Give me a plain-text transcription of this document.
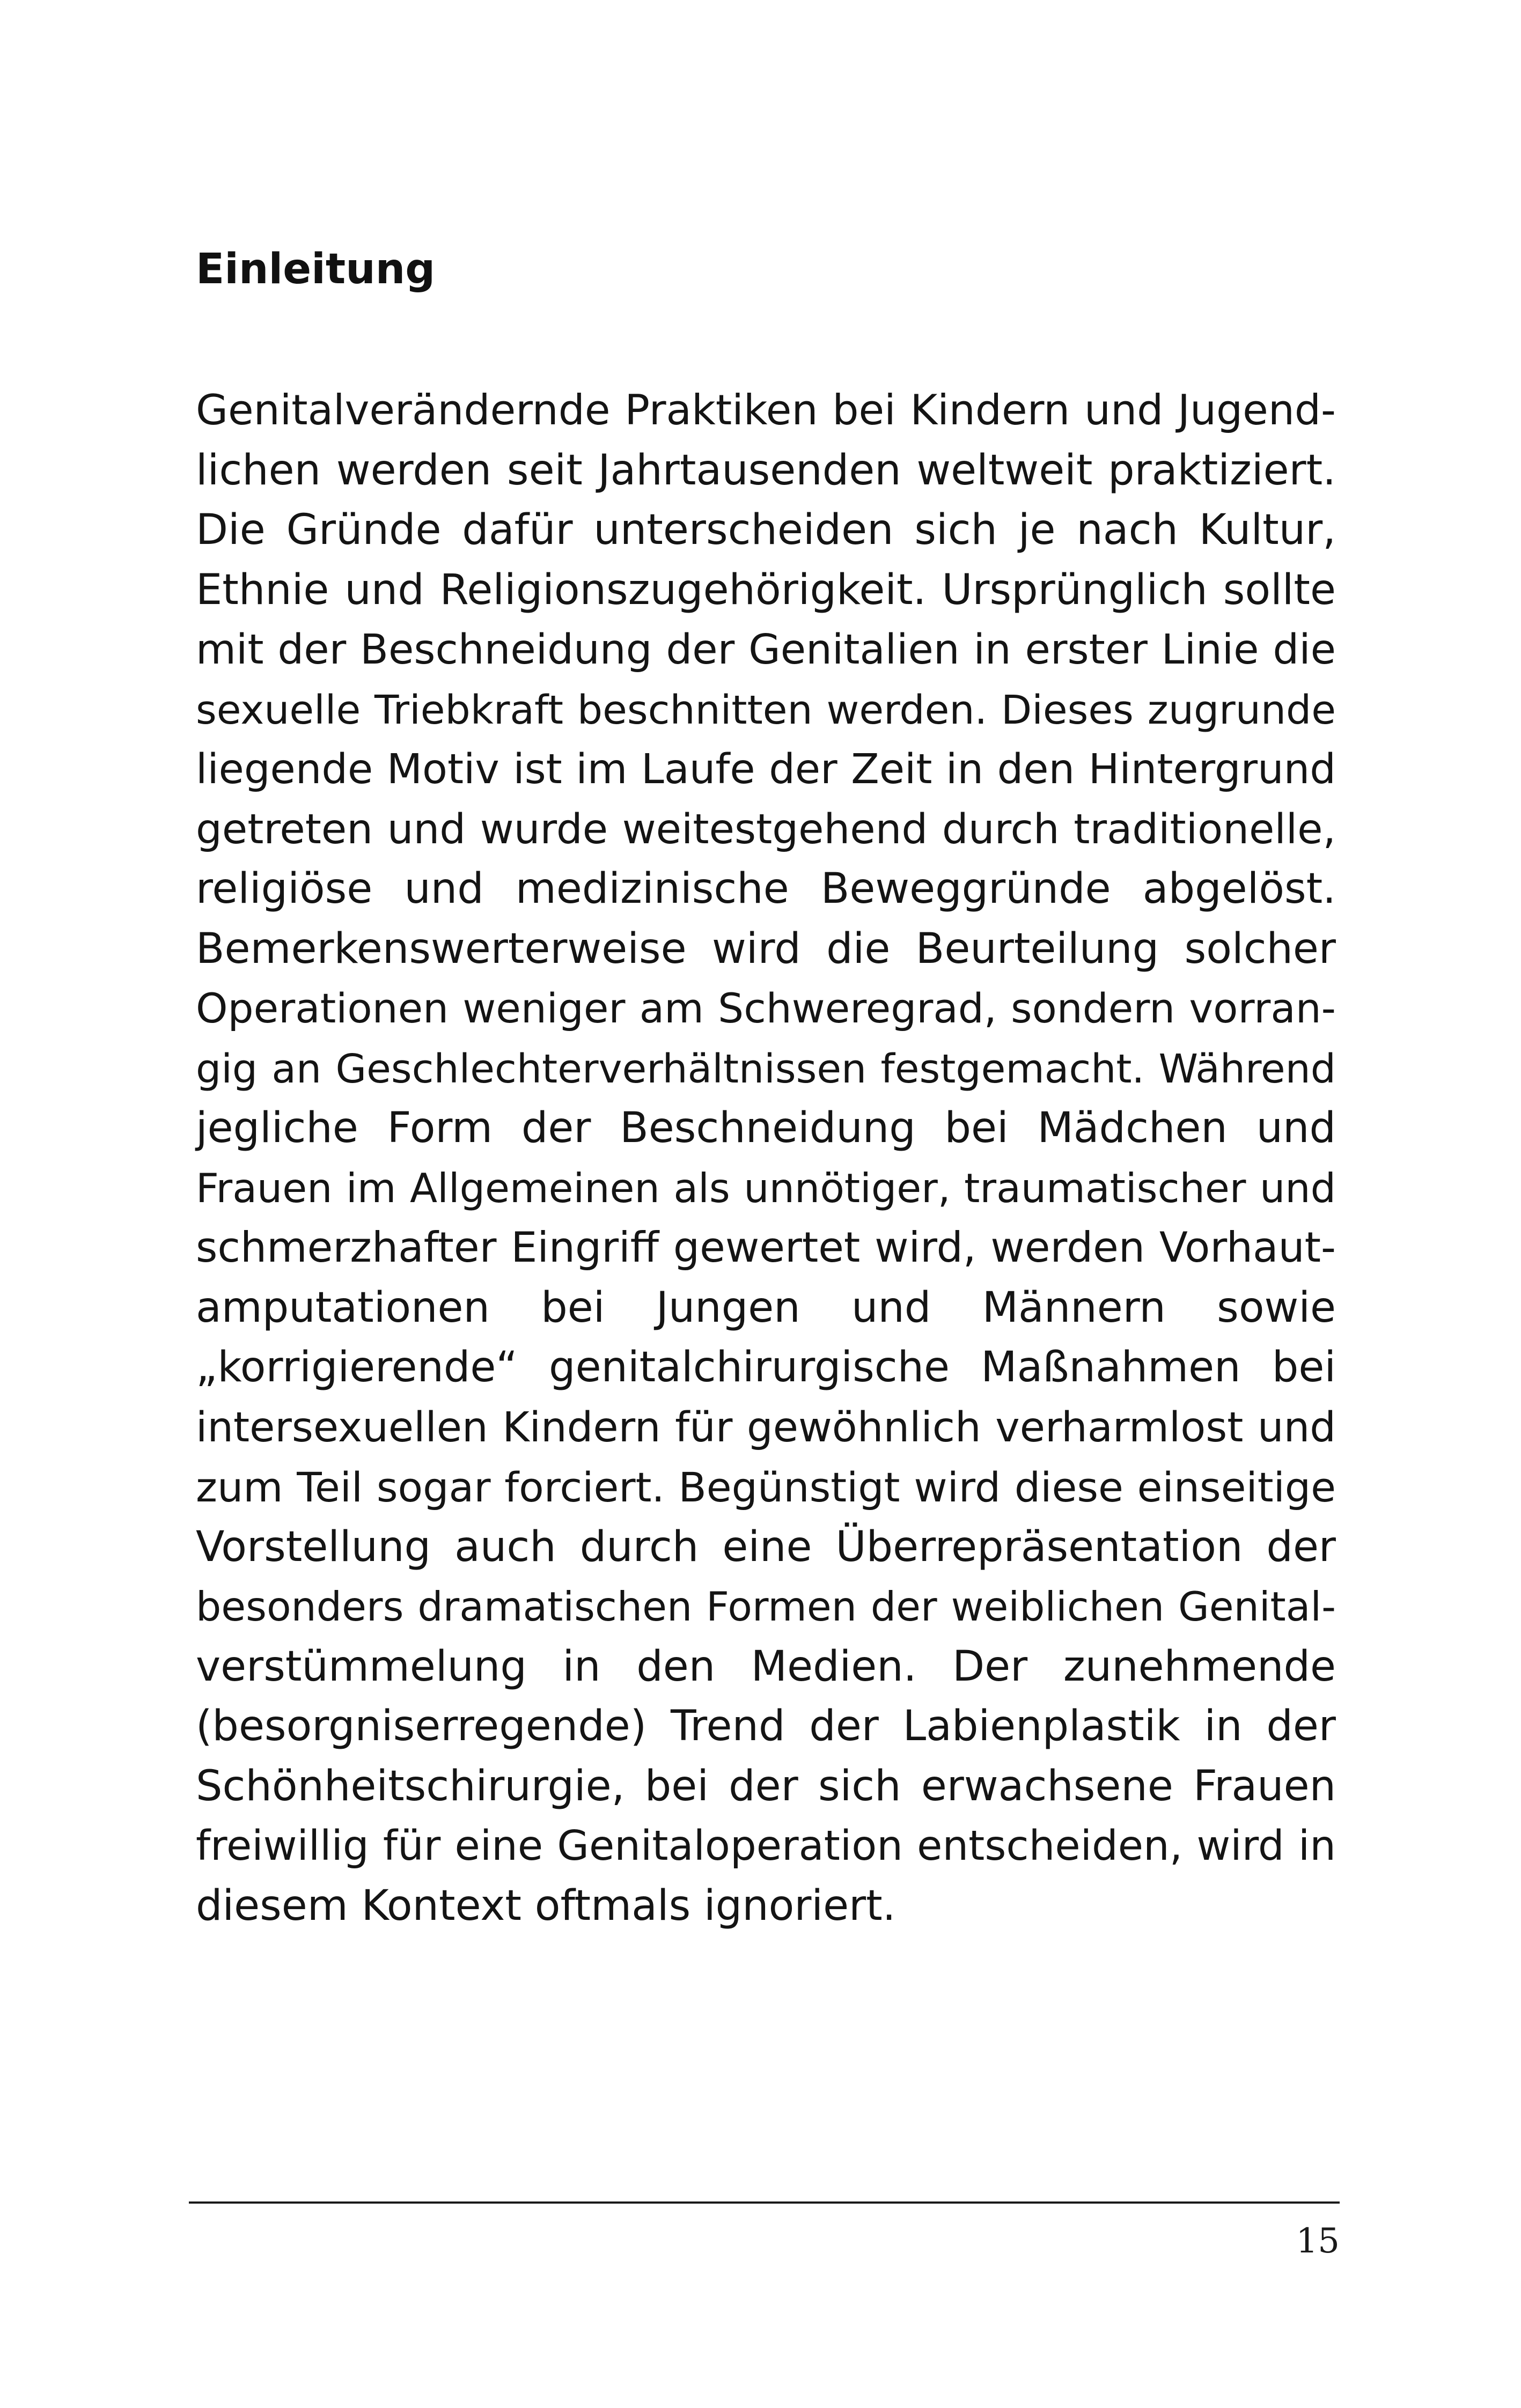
Einleitung
Genitalverändernde Praktiken bei Kindern und Jugend-
lichen werden seit Jahrtausenden weltweit praktiziert.
Die Gründe dafür unterscheiden sich je nach Kultur,
Ethnie und Religionszugehörigkeit. Ursprünglich sollte
mit der Beschneidung der Genitalien in erster Linie die
sexuelle Triebkraft beschnitten werden. Dieses zugrunde
liegende Motiv ist im Laufe der Zeit in den Hintergrund
getreten und wurde weitestgehend durch traditionelle,
religiöse und medizinische Beweggründe abgelöst.
Bemerkenswerterweise wird die Beurteilung solcher
Operationen weniger am Schweregrad, sondern vorran-
gig an Geschlechterverhältnissen festgemacht. Während
jegliche Form der Beschneidung bei Mädchen und
Frauen im Allgemeinen als unnötiger, traumatischer und
schmerzhafter Eingriff gewertet wird, werden Vorhaut-
amputationen bei Jungen und Männern sowie
„korrigierende“ genitalchirurgische Maßnahmen bei
intersexuellen Kindern für gewöhnlich verharmlost und
zum Teil sogar forciert. Begünstigt wird diese einseitige
Vorstellung auch durch eine Überrepräsentation der
besonders dramatischen Formen der weiblichen Genital-
verstümmelung in den Medien. Der zunehmende
(besorgniserregende) Trend der Labienplastik in der
Schönheitschirurgie, bei der sich erwachsene Frauen
freiwillig für eine Genitaloperation entscheiden, wird in
diesem Kontext oftmals ignoriert.
15
